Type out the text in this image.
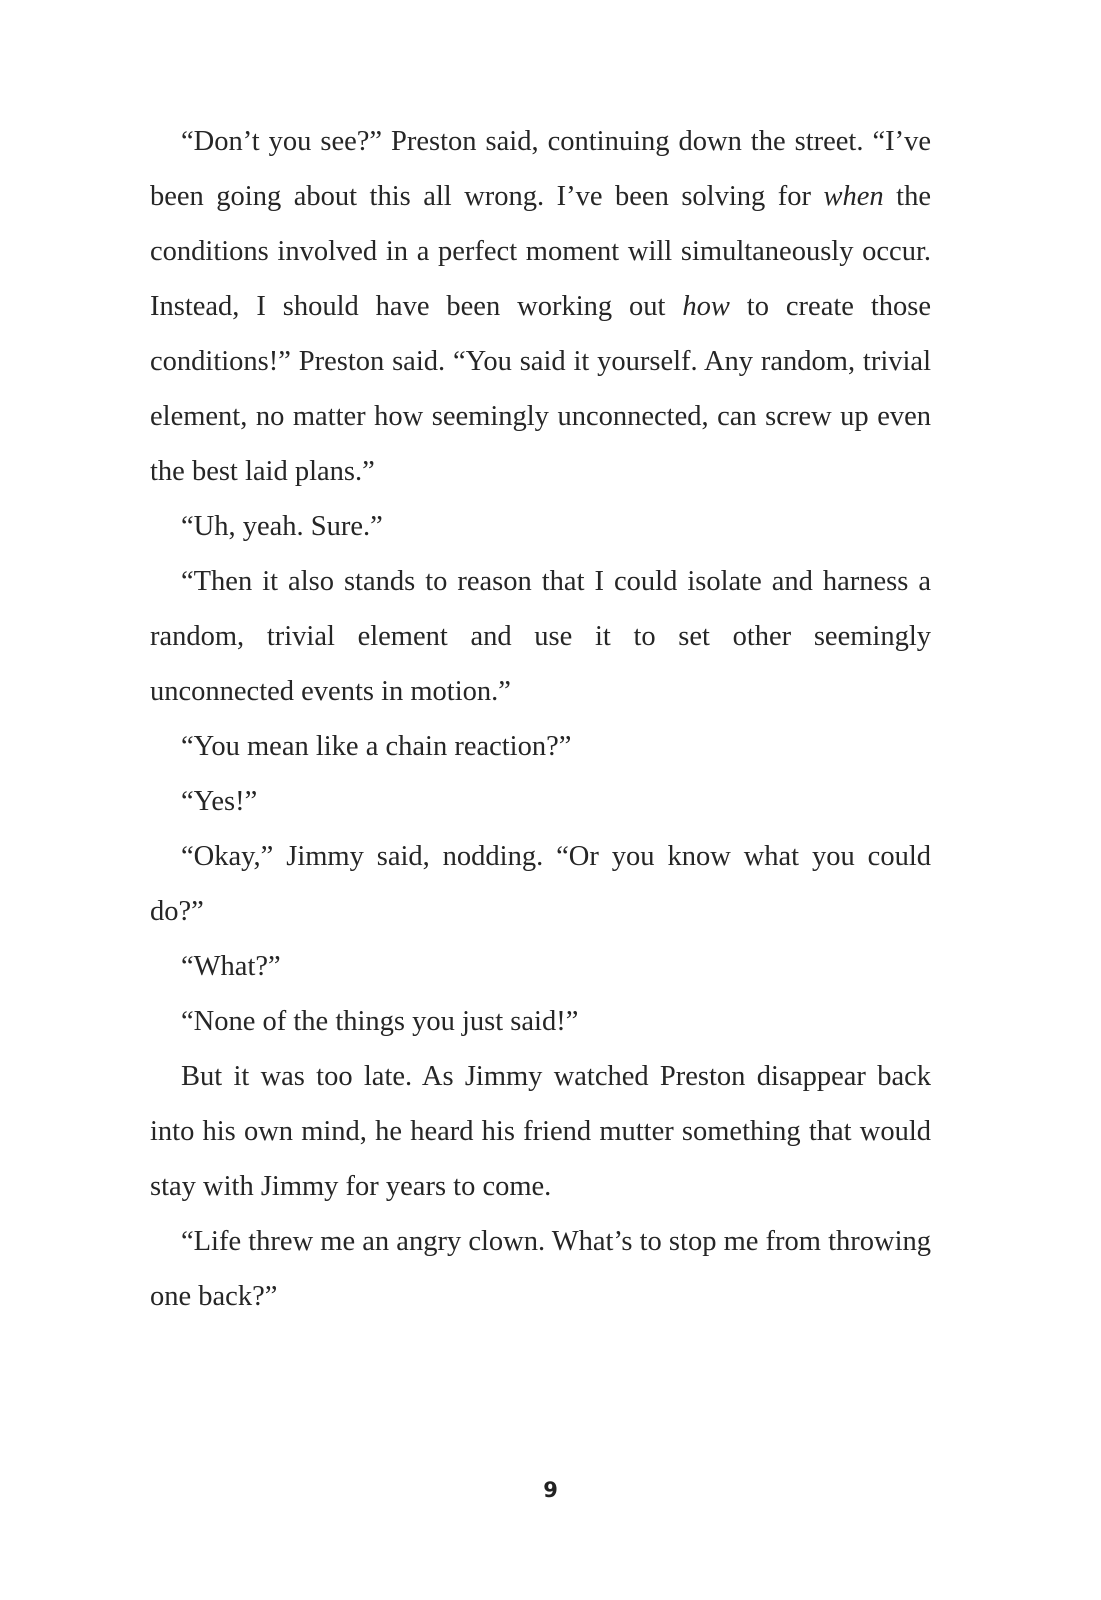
“Don’t you see?” Preston said, continuing down the street. “I’ve been going about this all wrong. I’ve been solving for when the conditions involved in a perfect moment will simultaneously occur. Instead, I should have been working out how to create those conditions!” Preston said. “You said it yourself. Any random, trivial element, no matter how seemingly unconnected, can screw up even the best laid plans.”

“Uh, yeah. Sure.”

“Then it also stands to reason that I could isolate and harness a random, trivial element and use it to set other seemingly unconnected events in motion.”

“You mean like a chain reaction?”

“Yes!”

“Okay,” Jimmy said, nodding. “Or you know what you could do?”

“What?”

“None of the things you just said!”

But it was too late. As Jimmy watched Preston disappear back into his own mind, he heard his friend mutter something that would stay with Jimmy for years to come.

“Life threw me an angry clown. What’s to stop me from throwing one back?”

9
